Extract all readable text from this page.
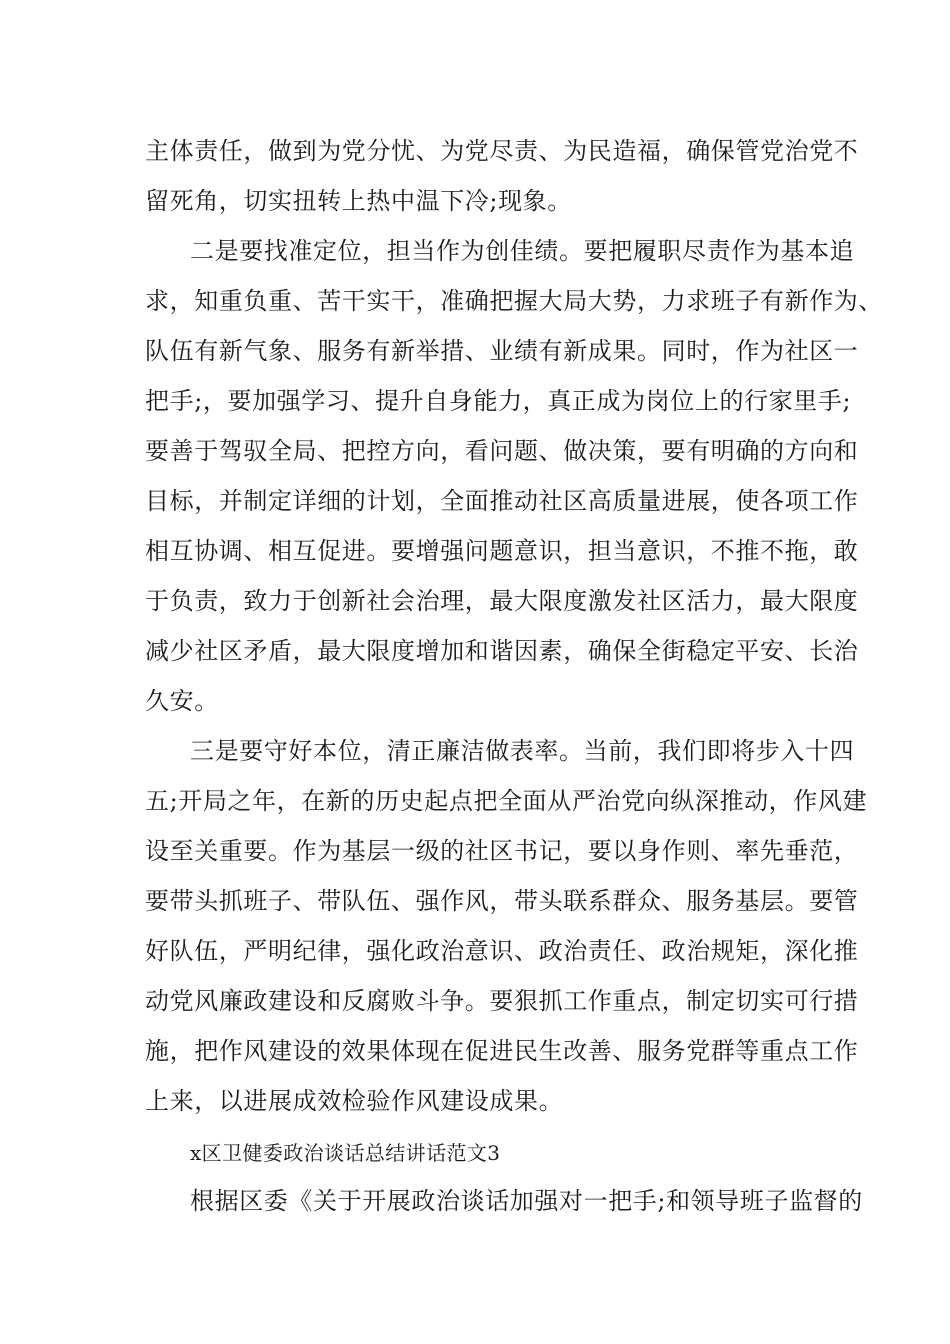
主体责任，做到为党分忧、为党尽责、为民造福，确保管党治党不
留死角，切实扭转上热中温下冷;现象。
二是要找准定位，担当作为创佳绩。要把履职尽责作为基本追
求，知重负重、苦干实干，准确把握大局大势，力求班子有新作为、
队伍有新气象、服务有新举措、业绩有新成果。同时，作为社区一
把手;，要加强学习、提升自身能力，真正成为岗位上的行家里手;
要善于驾驭全局、把控方向，看问题、做决策，要有明确的方向和
目标，并制定详细的计划，全面推动社区高质量进展，使各项工作
相互协调、相互促进。要增强问题意识，担当意识，不推不拖，敢
于负责，致力于创新社会治理，最大限度激发社区活力，最大限度
减少社区矛盾，最大限度增加和谐因素，确保全街稳定平安、长治
久安。
三是要守好本位，清正廉洁做表率。当前，我们即将步入十四
五;开局之年，在新的历史起点把全面从严治党向纵深推动，作风建
设至关重要。作为基层一级的社区书记，要以身作则、率先垂范，
要带头抓班子、带队伍、强作风，带头联系群众、服务基层。要管
好队伍，严明纪律，强化政治意识、政治责任、政治规矩，深化推
动党风廉政建设和反腐败斗争。要狠抓工作重点，制定切实可行措
施，把作风建设的效果体现在促进民生改善、服务党群等重点工作
上来，以进展成效检验作风建设成果。
x区卫健委政治谈话总结讲话范文3
根据区委《关于开展政治谈话加强对一把手;和领导班子监督的
